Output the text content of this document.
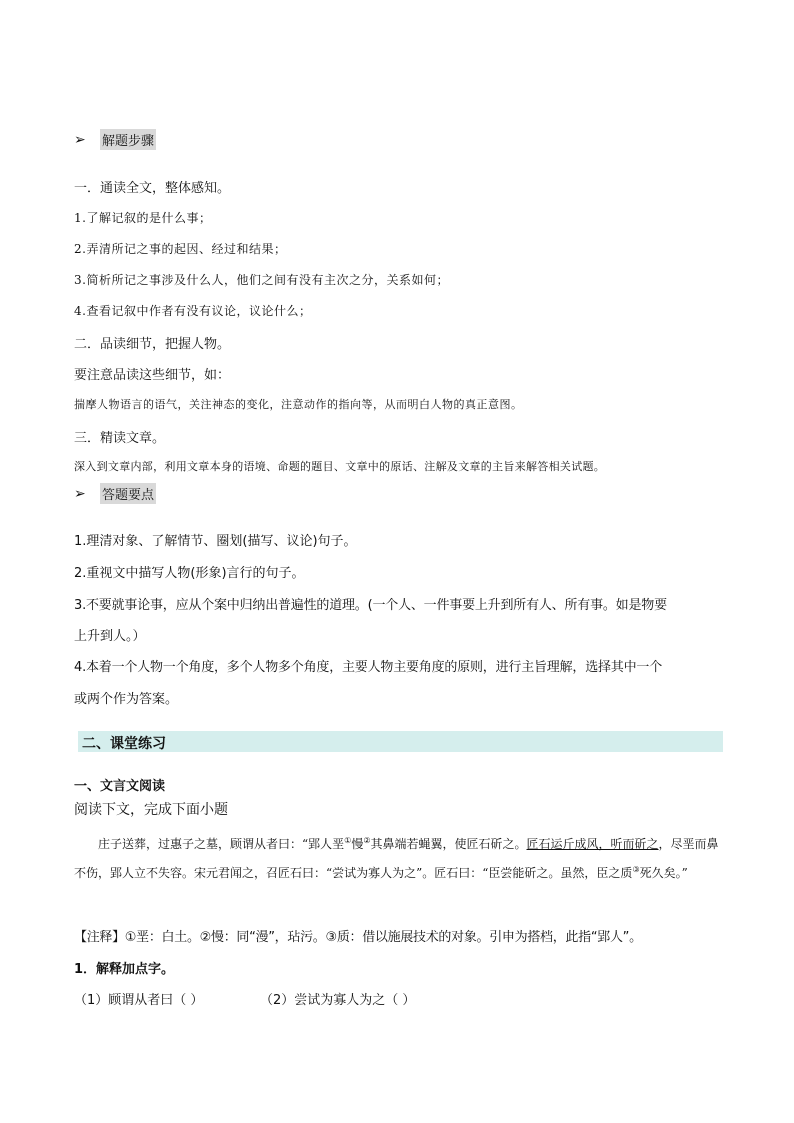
➢	解题步骤
一．通读全文，整体感知。
1.了解记叙的是什么事；
2.弄清所记之事的起因、经过和结果；
3.简析所记之事涉及什么人，他们之间有没有主次之分，关系如何；
4.查看记叙中作者有没有议论，议论什么；
二．品读细节，把握人物。
要注意品读这些细节，如：
揣摩人物语言的语气，关注神态的变化，注意动作的指向等，从而明白人物的真正意图。
三．精读文章。
深入到文章内部，利用文章本身的语境、命题的题目、文章中的原话、注解及文章的主旨来解答相关试题。
➢	答题要点
1.理清对象、了解情节、圈划(描写、议论)句子。
2.重视文中描写人物(形象)言行的句子。
3.不要就事论事，应从个案中归纳出普遍性的道理。(一个人、一件事要上升到所有人、所有事。如是物要
上升到人。）
4.本着一个人物一个角度，多个人物多个角度，主要人物主要角度的原则，进行主旨理解，选择其中一个
或两个作为答案。
二、课堂练习
一、文言文阅读
阅读下文，完成下面小题
庄子送葬，过惠子之墓，顾谓从者曰：“郢人垩①慢②其鼻端若蝇翼，使匠石斫之。匠石运斤成风，听而斫之，尽垩而鼻不伤，郢人立不失容。宋元君闻之，召匠石曰：“尝试为寡人为之”。匠石曰：“臣尝能斫之。虽然，臣之质③死久矣。”
【注释】①垩：白土。②慢：同“漫”，玷污。③质：借以施展技术的对象。引申为搭档，此指“郢人”。
1．解释加点字。
（1）顾谓从者曰（ ）	（2）尝试为寡人为之（ ）
